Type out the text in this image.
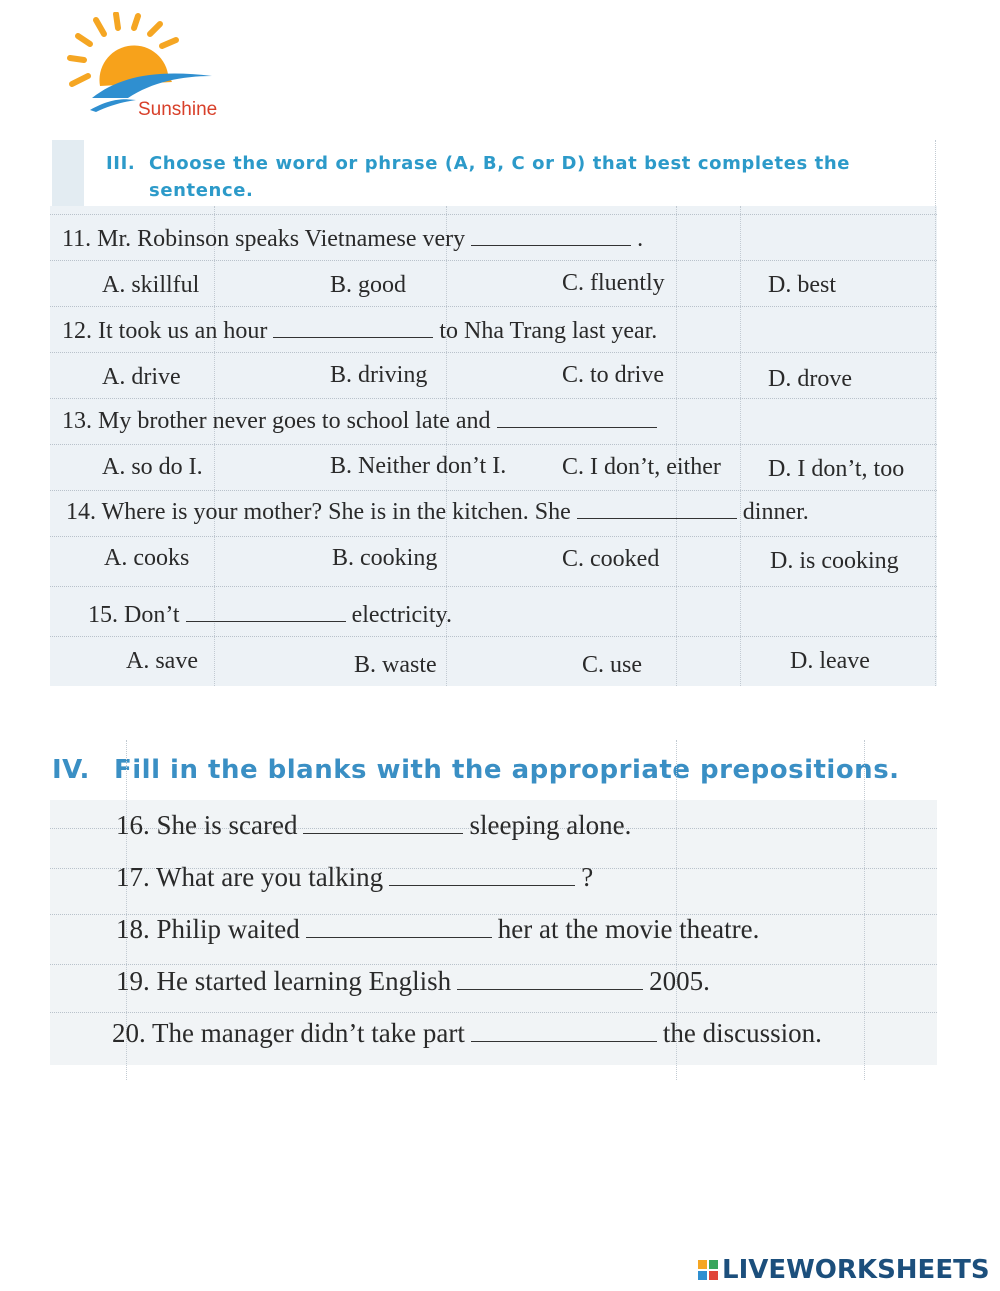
Sunshine
III. Choose the word or phrase (A, B, C or D) that best completes the
sentence.
11. Mr. Robinson speaks Vietnamese very	.
A. skillful	B. good	C. fluently	D. best
12. It took us an hour	to Nha Trang last year.
A. drive	B. driving	C. to drive	D. drove
13. My brother never goes to school late and
A. so do I.	B. Neither don’t I. C. I don’t, either D. I don’t, too
14. Where is your mother? She is in the kitchen. She	dinner.
A. cooks	B. cooking	C. cooked	D. is cooking
15. Don’t	electricity.
A. save	B. waste	C. use	D. leave
IV. Fill in the blanks with the appropriate prepositions.
16. She is scared	sleeping alone.
17. What are you talking	?
18. Philip waited	her at the movie theatre.
19. He started learning English	2005.
20. The manager didn’t take part	the discussion.
LIVEWORKSHEETS
